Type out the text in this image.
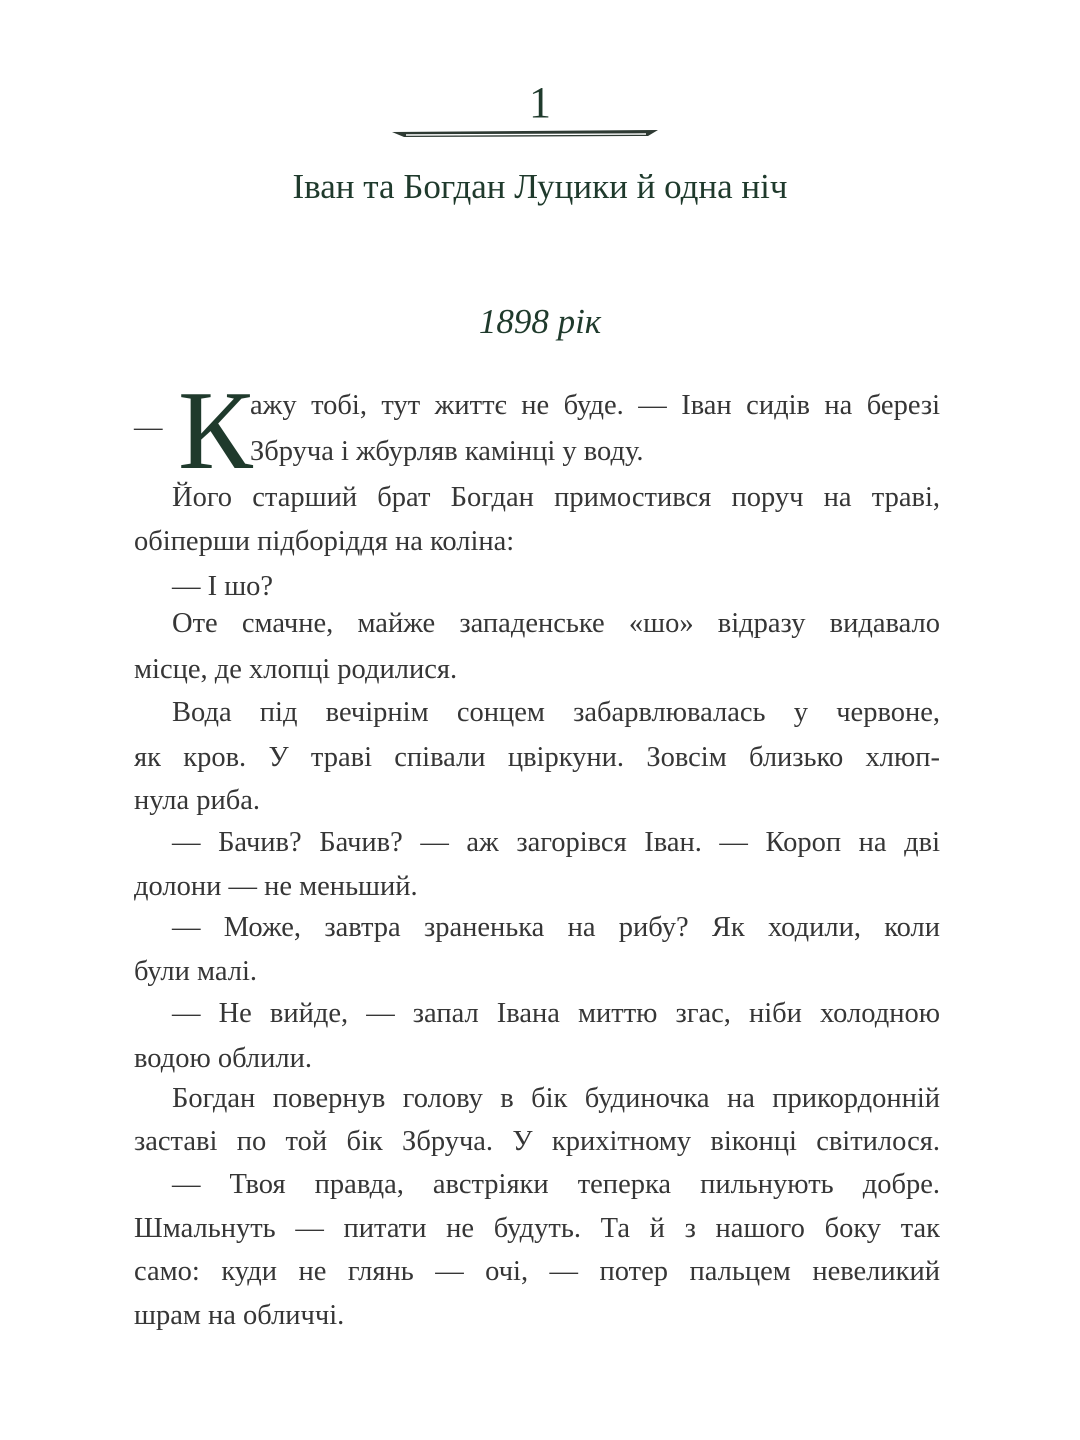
1
Іван та Богдан Луцики й одна ніч
1898 рік
— К
ажу тобі, тут життє не буде. — Іван сидів на березі
Збруча і жбурляв камінці у воду.
Його старший брат Богдан примостився поруч на траві,
обіперши підборіддя на коліна:
— І шо?
Оте смачне, майже западенське «шо» відразу видавало
місце, де хлопці родилися.
Вода під вечірнім сонцем забарвлювалась у червоне,
як кров. У траві співали цвіркуни. Зовсім близько хлюп-
нула риба.
— Бачив? Бачив? — аж загорівся Іван. — Короп на дві
долони — не меньший.
— Може, завтра зраненька на рибу? Як ходили, коли
були малі.
— Не вийде, — запал Івана миттю згас, ніби холодною
водою облили.
Богдан повернув голову в бік будиночка на прикордонній
заставі по той бік Збруча. У крихітному віконці світилося.
— Твоя правда, австріяки теперка пильнують добре.
Шмальнуть — питати не будуть. Та й з нашого боку так
само: куди не глянь — очі, — потер пальцем невеликий
шрам на обличчі.
